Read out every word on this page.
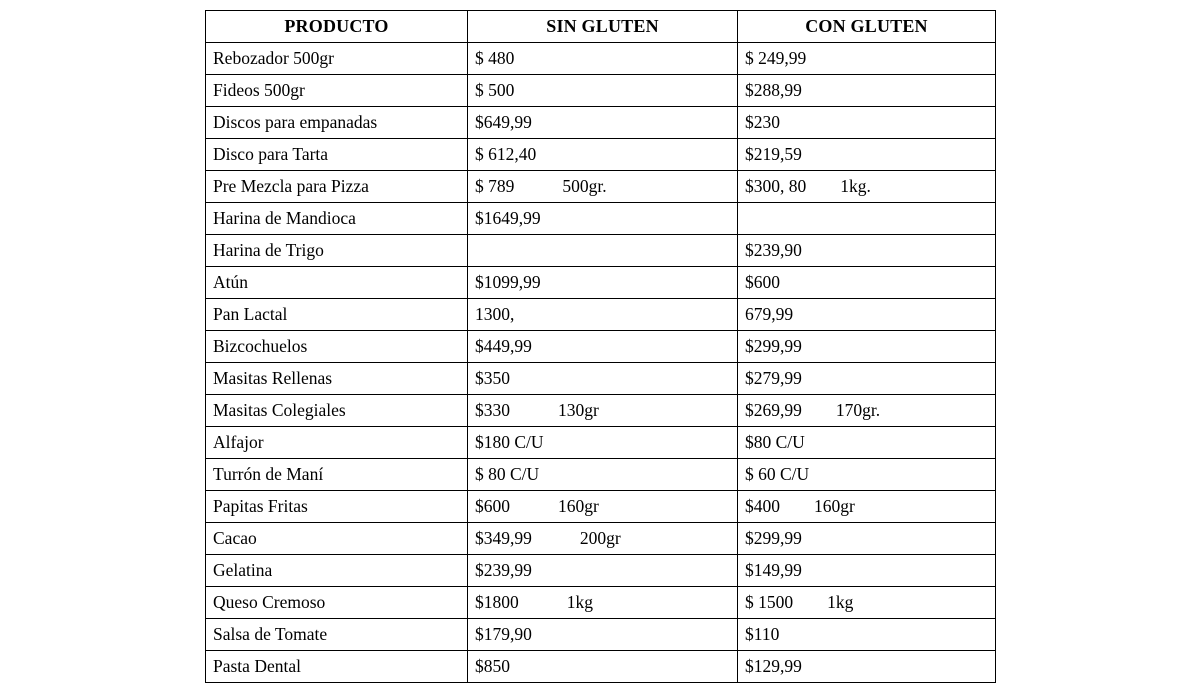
PRODUCTO	SIN GLUTEN	CON GLUTEN
Rebozador 500gr	$ 480	$ 249,99
Fideos 500gr	$ 500	$288,99
Discos para empanadas	$649,99	$230
Disco para Tarta	$ 612,40	$219,59
Pre Mezcla para Pizza	$ 789 500gr.	$300, 80 1kg.
Harina de Mandioca	$1649,99	
Harina de Trigo		$239,90
Atún	$1099,99	$600
Pan Lactal	1300,	679,99
Bizcochuelos	$449,99	$299,99
Masitas Rellenas	$350	$279,99
Masitas Colegiales	$330 130gr	$269,99 170gr.
Alfajor	$180 C/U	$80 C/U
Turrón de Maní	$ 80 C/U	$ 60 C/U
Papitas Fritas	$600 160gr	$400 160gr
Cacao	$349,99 200gr	$299,99
Gelatina	$239,99	$149,99
Queso Cremoso	$1800 1kg	$ 1500 1kg
Salsa de Tomate	$179,90	$110
Pasta Dental	$850	$129,99
